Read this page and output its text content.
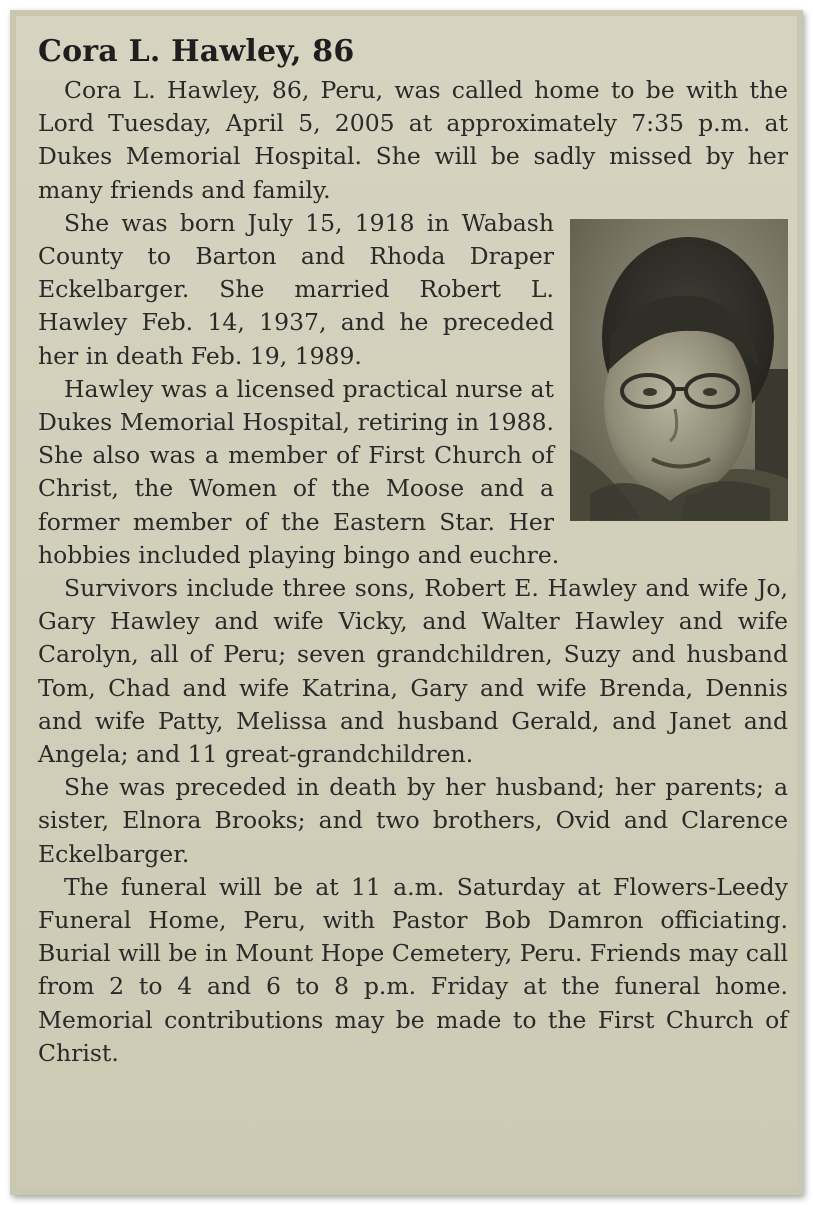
Cora L. Hawley, 86

Cora L. Hawley, 86, Peru, was called home to be with the Lord Tuesday, April 5, 2005 at approximately 7:35 p.m. at Dukes Memorial Hospital. She will be sadly missed by her many friends and family.

She was born July 15, 1918 in Wabash County to Barton and Rhoda Draper Eckelbarger. She married Robert L. Hawley Feb. 14, 1937, and he preceded her in death Feb. 19, 1989.

Hawley was a licensed practical nurse at Dukes Memorial Hospital, retiring in 1988. She also was a member of First Church of Christ, the Women of the Moose and a former member of the Eastern Star. Her hobbies included playing bingo and euchre.

Survivors include three sons, Robert E. Hawley and wife Jo, Gary Hawley and wife Vicky, and Walter Hawley and wife Carolyn, all of Peru; seven grandchildren, Suzy and husband Tom, Chad and wife Katrina, Gary and wife Brenda, Dennis and wife Patty, Melissa and husband Gerald, and Janet and Angela; and 11 great-grandchildren.

She was preceded in death by her husband; her parents; a sister, Elnora Brooks; and two brothers, Ovid and Clarence Eckelbarger.

The funeral will be at 11 a.m. Saturday at Flowers-Leedy Funeral Home, Peru, with Pastor Bob Damron officiating. Burial will be in Mount Hope Cemetery, Peru. Friends may call from 2 to 4 and 6 to 8 p.m. Friday at the funeral home. Memorial contributions may be made to the First Church of Christ.
